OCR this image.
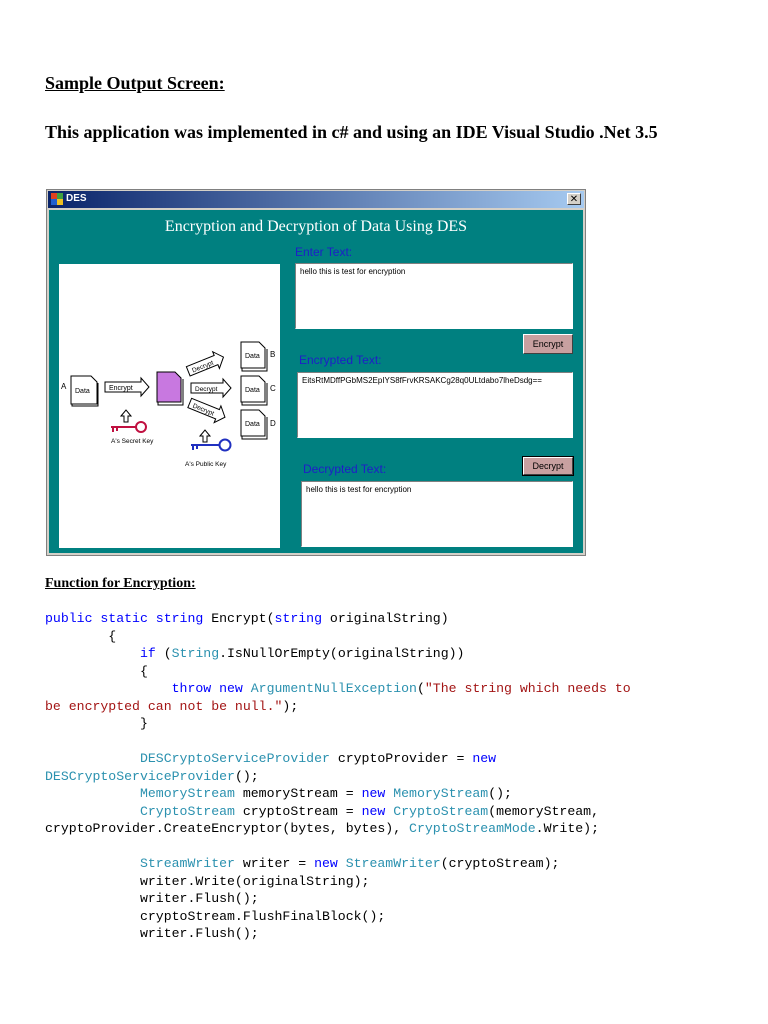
Sample Output Screen:
This application was implemented in c# and using an IDE Visual Studio .Net 3.5
DES	✕
Encryption and Decryption of Data Using DES
A
Data	Encrypt
A's Secret Key
Decrypt
Decrypt
Decrypt
Data B
Data C
Data D
A's Public Key
Enter Text:
hello this is test for encryption
Encrypt
Encrypted Text:
EitsRtMDffPGbMS2EpIYS8fFrvKRSAKCg28q0ULtdabo7lheDsdg==
Decrypt
Decrypted Text:
hello this is test for encryption
Function for Encryption:
public static string Encrypt(string originalString)
{
if (String.IsNullOrEmpty(originalString))
{
throw new ArgumentNullException("The string which needs to
be encrypted can not be null.");
}
DESCryptoServiceProvider cryptoProvider = new
DESCryptoServiceProvider();
MemoryStream memoryStream = new MemoryStream();
CryptoStream cryptoStream = new CryptoStream(memoryStream,
cryptoProvider.CreateEncryptor(bytes, bytes), CryptoStreamMode.Write);
StreamWriter writer = new StreamWriter(cryptoStream);
writer.Write(originalString);
writer.Flush();
cryptoStream.FlushFinalBlock();
writer.Flush();
